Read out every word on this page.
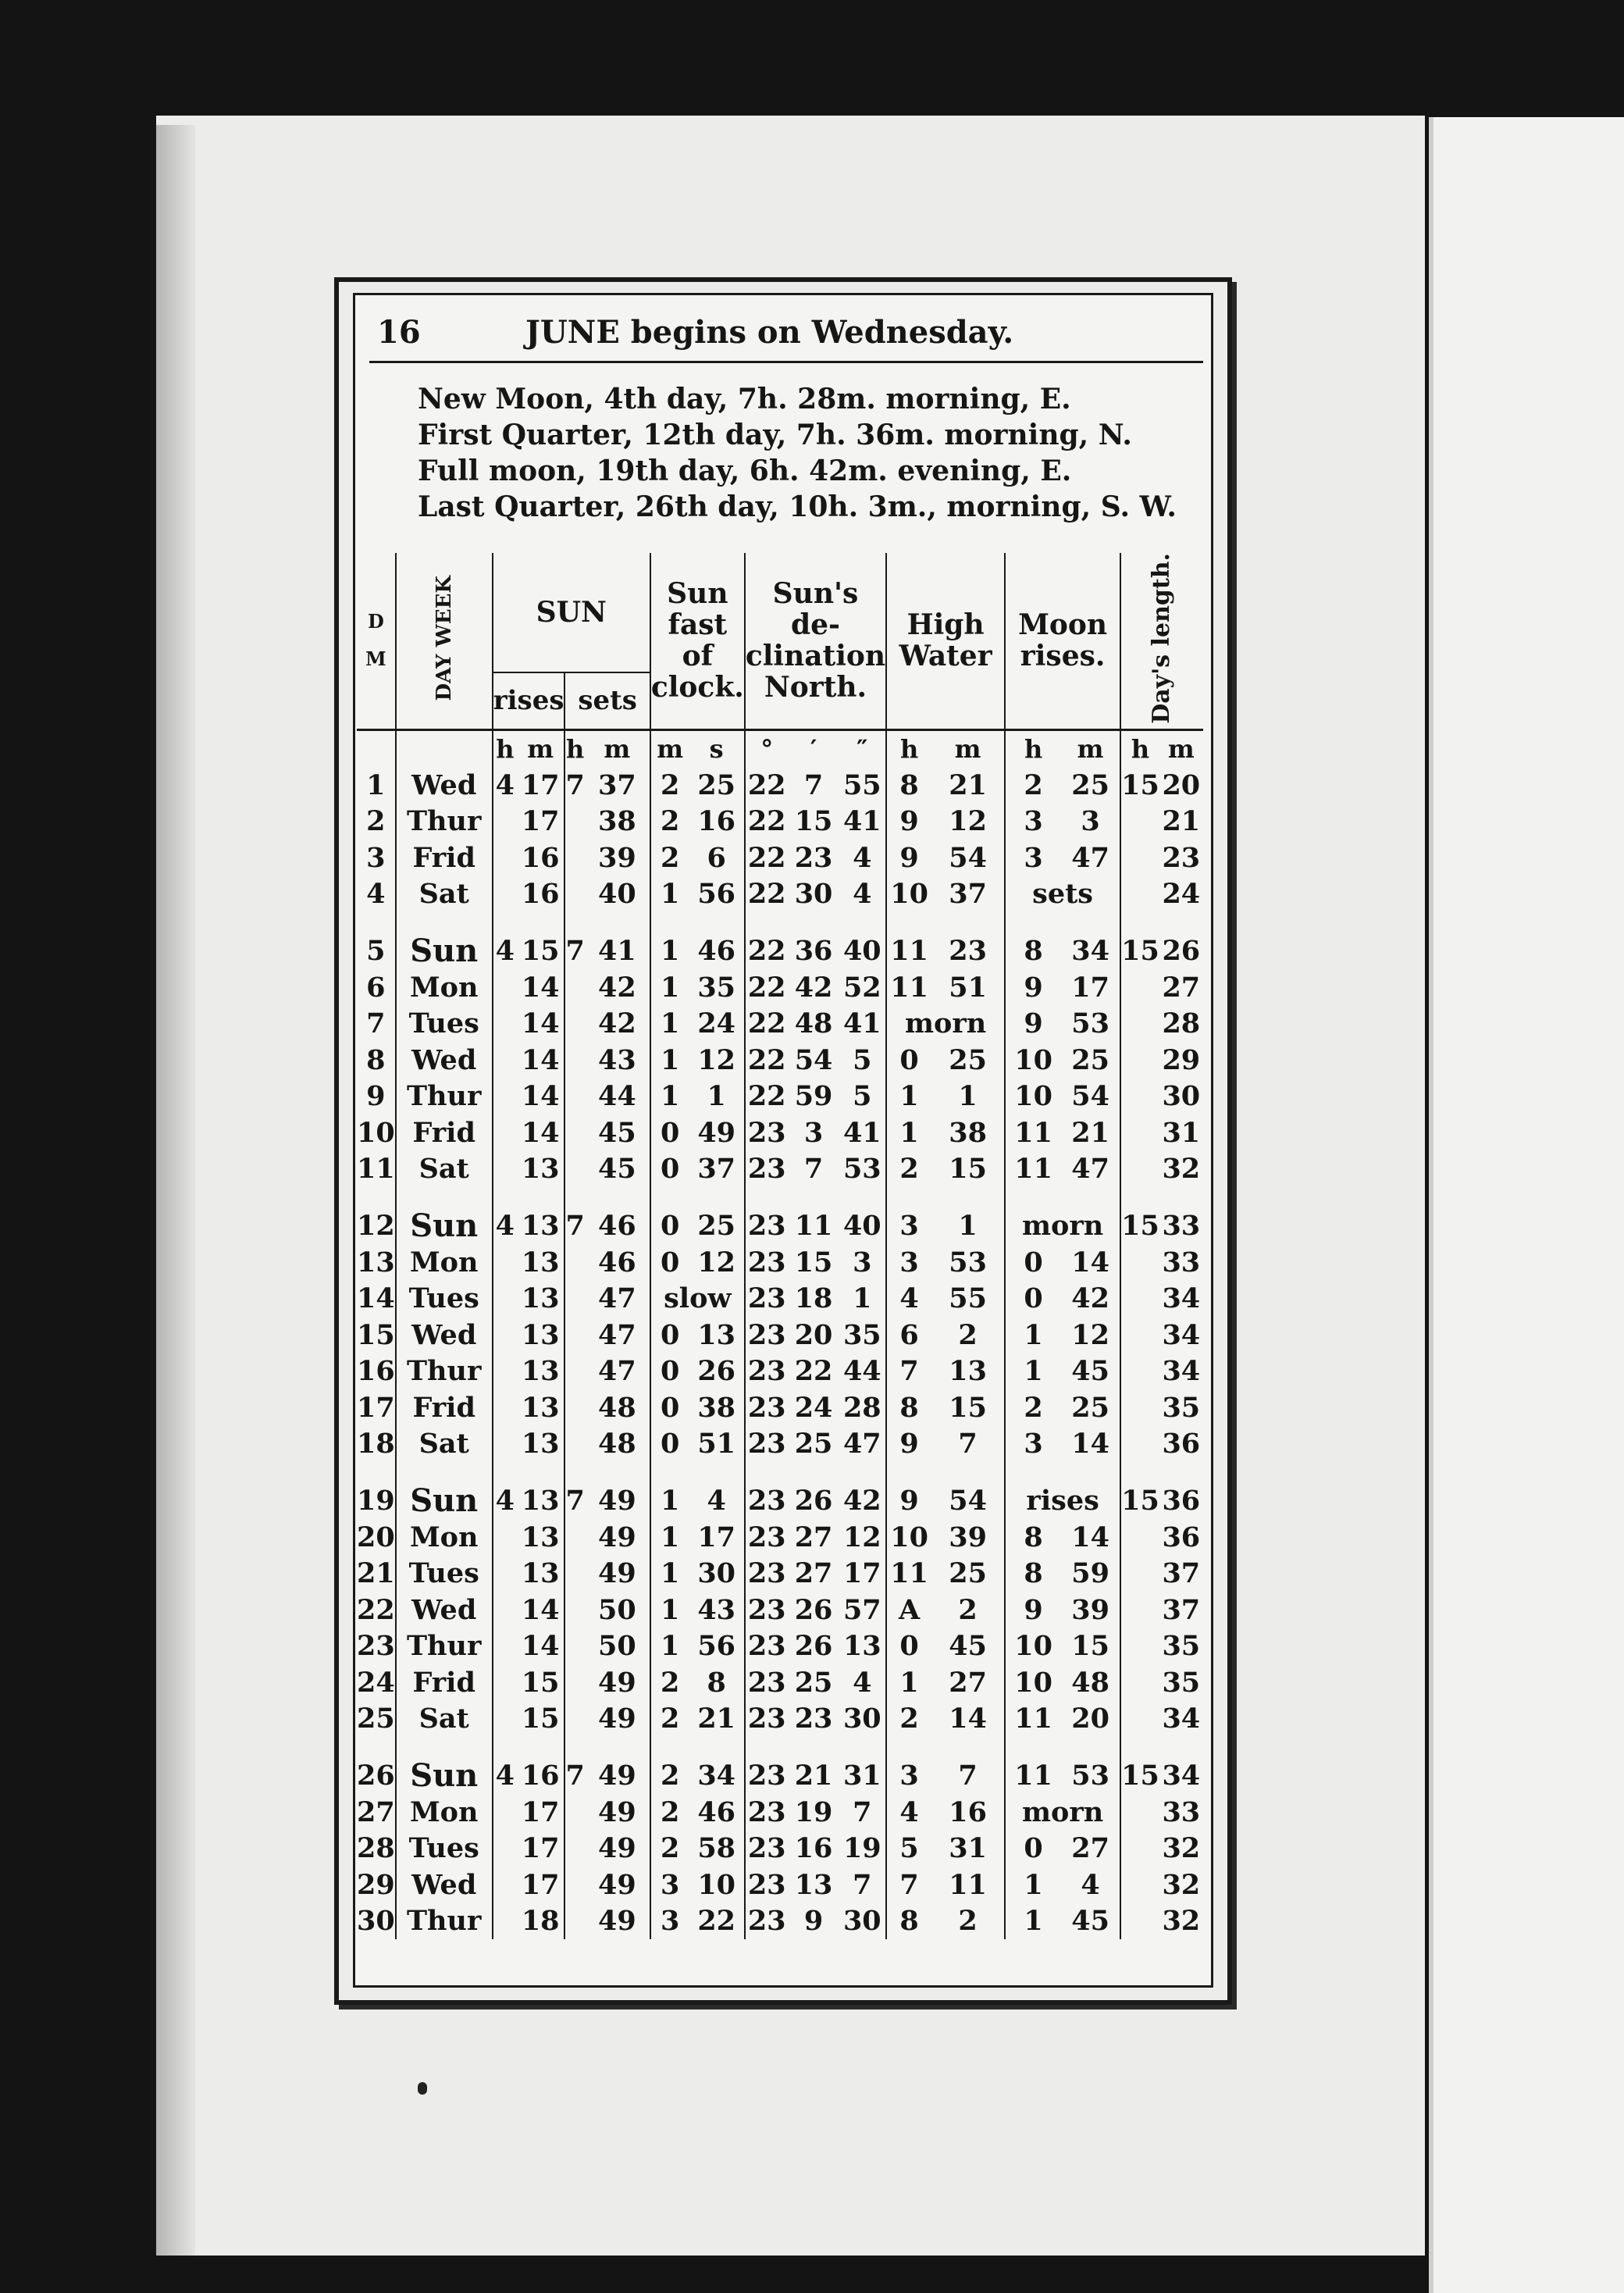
16	JUNE begins on Wednesday.
New Moon, 4th day, 7h. 28m. morning, E.
First Quarter, 12th day, 7h. 36m. morning, N.
Full moon, 19th day, 6h. 42m. evening, E.
Last Quarter, 26th day, 10h. 3m., morning, S. W.
D
M	DAY WEEK	SUN				Sun fast of clock.		Sun's de- clination North.			High Water		Moon rises.		Day's length.	
		rises		sets												
		h	m	h	m	m	s	°	′	″	h	m	h	m	h	m
1	Wed	4	17	7	37	2	25	22	7	55	8	21	2	25	15	20
2	Thur		17		38	2	16	22	15	41	9	12	3	3		21
3	Frid		16		39	2	6	22	23	4	9	54	3	47		23
4	Sat		16		40	1	56	22	30	4	10	37	sets			24

5	Sun	4	15	7	41	1	46	22	36	40	11	23	8	34	15	26
6	Mon		14		42	1	35	22	42	52	11	51	9	17		27
7	Tues		14		42	1	24	22	48	41	morn		9	53		28
8	Wed		14		43	1	12	22	54	5	0	25	10	25		29
9	Thur		14		44	1	1	22	59	5	1	1	10	54		30
10	Frid		14		45	0	49	23	3	41	1	38	11	21		31
11	Sat		13		45	0	37	23	7	53	2	15	11	47		32

12	Sun	4	13	7	46	0	25	23	11	40	3	1	morn		15	33
13	Mon		13		46	0	12	23	15	3	3	53	0	14		33
14	Tues		13		47	slow		23	18	1	4	55	0	42		34
15	Wed		13		47	0	13	23	20	35	6	2	1	12		34
16	Thur		13		47	0	26	23	22	44	7	13	1	45		34
17	Frid		13		48	0	38	23	24	28	8	15	2	25		35
18	Sat		13		48	0	51	23	25	47	9	7	3	14		36

19	Sun	4	13	7	49	1	4	23	26	42	9	54	rises		15	36
20	Mon		13		49	1	17	23	27	12	10	39	8	14		36
21	Tues		13		49	1	30	23	27	17	11	25	8	59		37
22	Wed		14		50	1	43	23	26	57	A	2	9	39		37
23	Thur		14		50	1	56	23	26	13	0	45	10	15		35
24	Frid		15		49	2	8	23	25	4	1	27	10	48		35
25	Sat		15		49	2	21	23	23	30	2	14	11	20		34

26	Sun	4	16	7	49	2	34	23	21	31	3	7	11	53	15	34
27	Mon		17		49	2	46	23	19	7	4	16	morn			33
28	Tues		17		49	2	58	23	16	19	5	31	0	27		32
29	Wed		17		49	3	10	23	13	7	7	11	1	4		32
30	Thur		18		49	3	22	23	9	30	8	2	1	45		32
